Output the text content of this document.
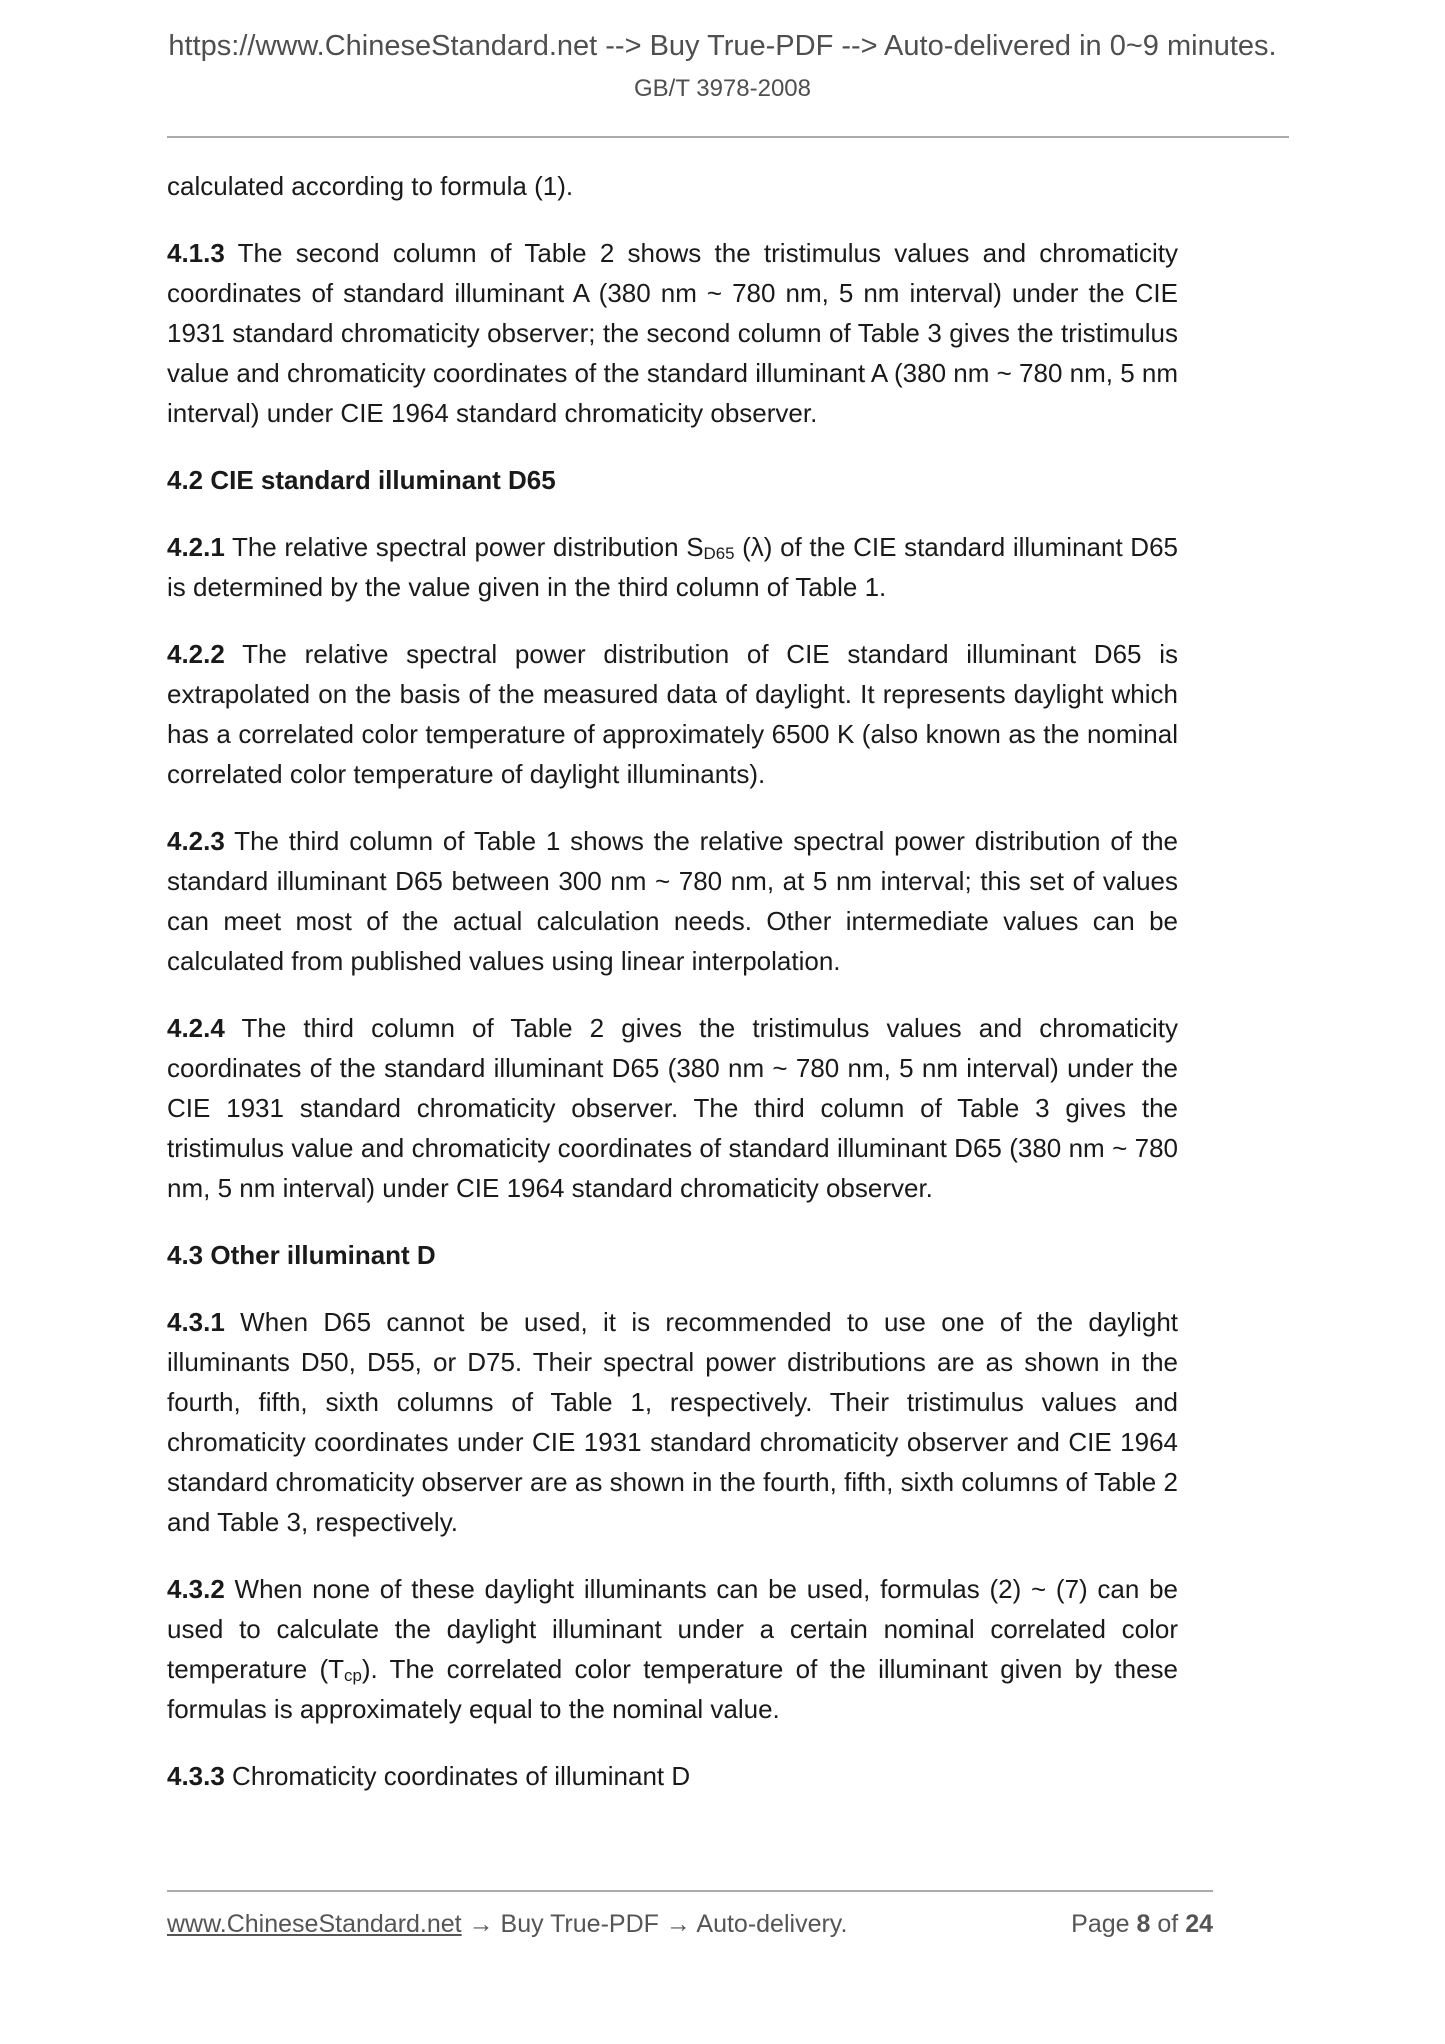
https://www.ChineseStandard.net --> Buy True-PDF --> Auto-delivered in 0~9 minutes.
GB/T 3978-2008
calculated according to formula (1).
4.1.3 The second column of Table 2 shows the tristimulus values and chromaticity coordinates of standard illuminant A (380 nm ~ 780 nm, 5 nm interval) under the CIE 1931 standard chromaticity observer; the second column of Table 3 gives the tristimulus value and chromaticity coordinates of the standard illuminant A (380 nm ~ 780 nm, 5 nm interval) under CIE 1964 standard chromaticity observer.
4.2 CIE standard illuminant D65
4.2.1 The relative spectral power distribution $S_{D65}$ (λ) of the CIE standard illuminant D65 is determined by the value given in the third column of Table 1.
4.2.2 The relative spectral power distribution of CIE standard illuminant D65 is extrapolated on the basis of the measured data of daylight. It represents daylight which has a correlated color temperature of approximately 6500 K (also known as the nominal correlated color temperature of daylight illuminants).
4.2.3 The third column of Table 1 shows the relative spectral power distribution of the standard illuminant D65 between 300 nm ~ 780 nm, at 5 nm interval; this set of values can meet most of the actual calculation needs. Other intermediate values can be calculated from published values using linear interpolation.
4.2.4 The third column of Table 2 gives the tristimulus values and chromaticity coordinates of the standard illuminant D65 (380 nm ~ 780 nm, 5 nm interval) under the CIE 1931 standard chromaticity observer. The third column of Table 3 gives the tristimulus value and chromaticity coordinates of standard illuminant D65 (380 nm ~ 780 nm, 5 nm interval) under CIE 1964 standard chromaticity observer.
4.3 Other illuminant D
4.3.1 When D65 cannot be used, it is recommended to use one of the daylight illuminants D50, D55, or D75. Their spectral power distributions are as shown in the fourth, fifth, sixth columns of Table 1, respectively. Their tristimulus values and chromaticity coordinates under CIE 1931 standard chromaticity observer and CIE 1964 standard chromaticity observer are as shown in the fourth, fifth, sixth columns of Table 2 and Table 3, respectively.
4.3.2 When none of these daylight illuminants can be used, formulas (2) ~ (7) can be used to calculate the daylight illuminant under a certain nominal correlated color temperature $(T_{cp})$. The correlated color temperature of the illuminant given by these formulas is approximately equal to the nominal value.
4.3.3 Chromaticity coordinates of illuminant D
www.ChineseStandard.net → Buy True-PDF → Auto-delivery.	Page 8 of 24
